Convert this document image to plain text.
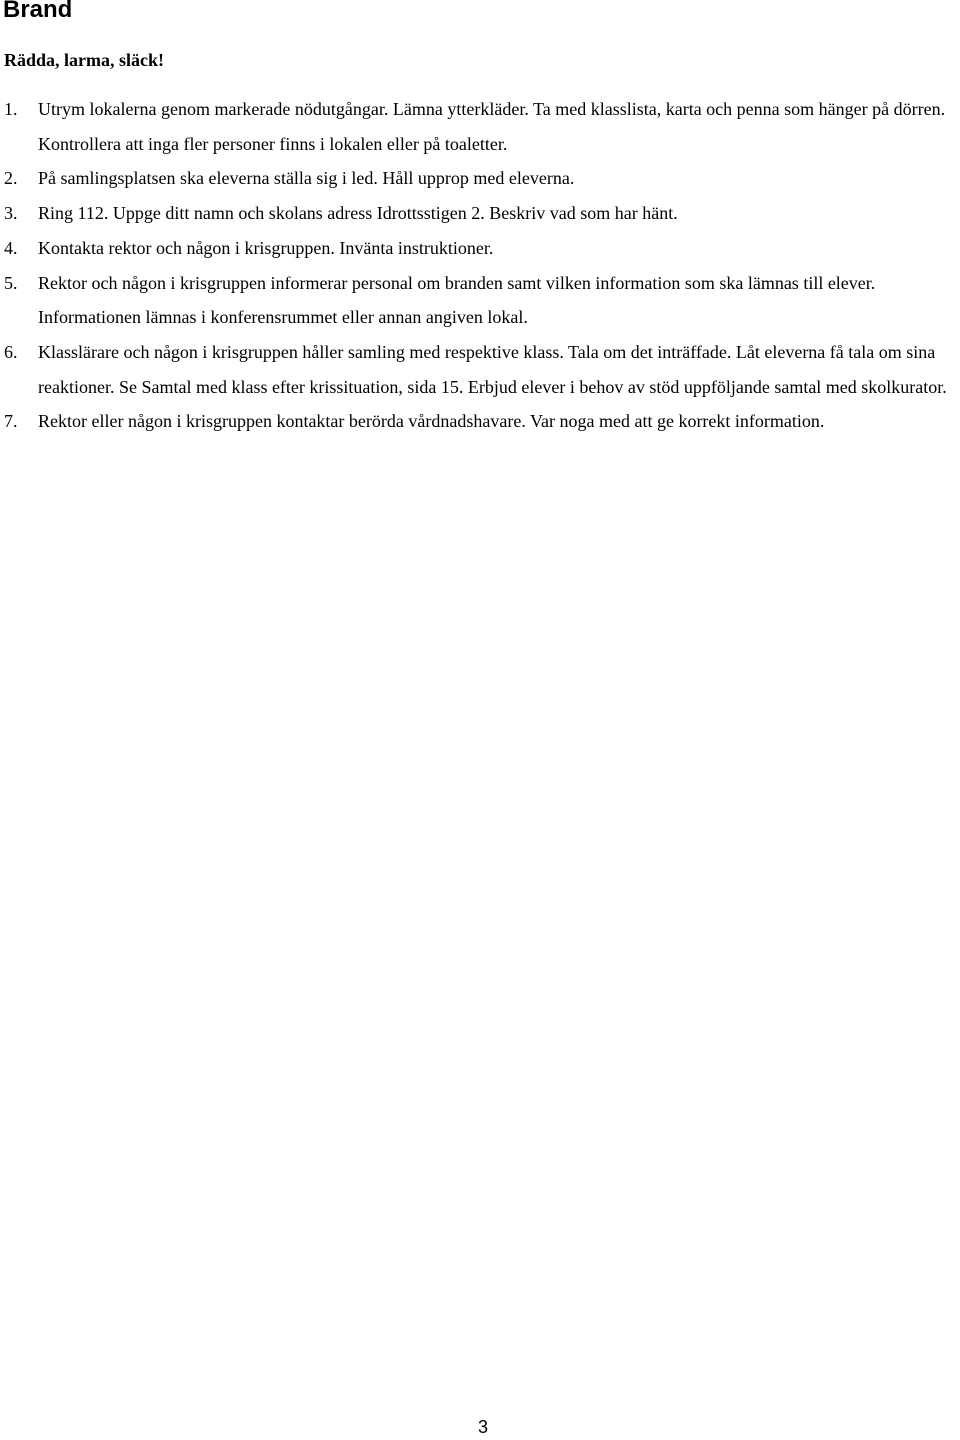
Brand
Rädda, larma, släck!
1. Utrym lokalerna genom markerade nödutgångar. Lämna ytterkläder. Ta med klasslista, karta och penna som hänger på dörren. Kontrollera att inga fler personer finns i lokalen eller på toaletter.
2. På samlingsplatsen ska eleverna ställa sig i led. Håll upprop med eleverna.
3. Ring 112. Uppge ditt namn och skolans adress Idrottsstigen 2. Beskriv vad som har hänt.
4. Kontakta rektor och någon i krisgruppen. Invänta instruktioner.
5. Rektor och någon i krisgruppen informerar personal om branden samt vilken information som ska lämnas till elever. Informationen lämnas i konferensrummet eller annan angiven lokal.
6. Klasslärare och någon i krisgruppen håller samling med respektive klass. Tala om det inträffade. Låt eleverna få tala om sina reaktioner. Se Samtal med klass efter krissituation, sida 15. Erbjud elever i behov av stöd uppföljande samtal med skolkurator.
7. Rektor eller någon i krisgruppen kontaktar berörda vårdnadshavare. Var noga med att ge korrekt information.
3
